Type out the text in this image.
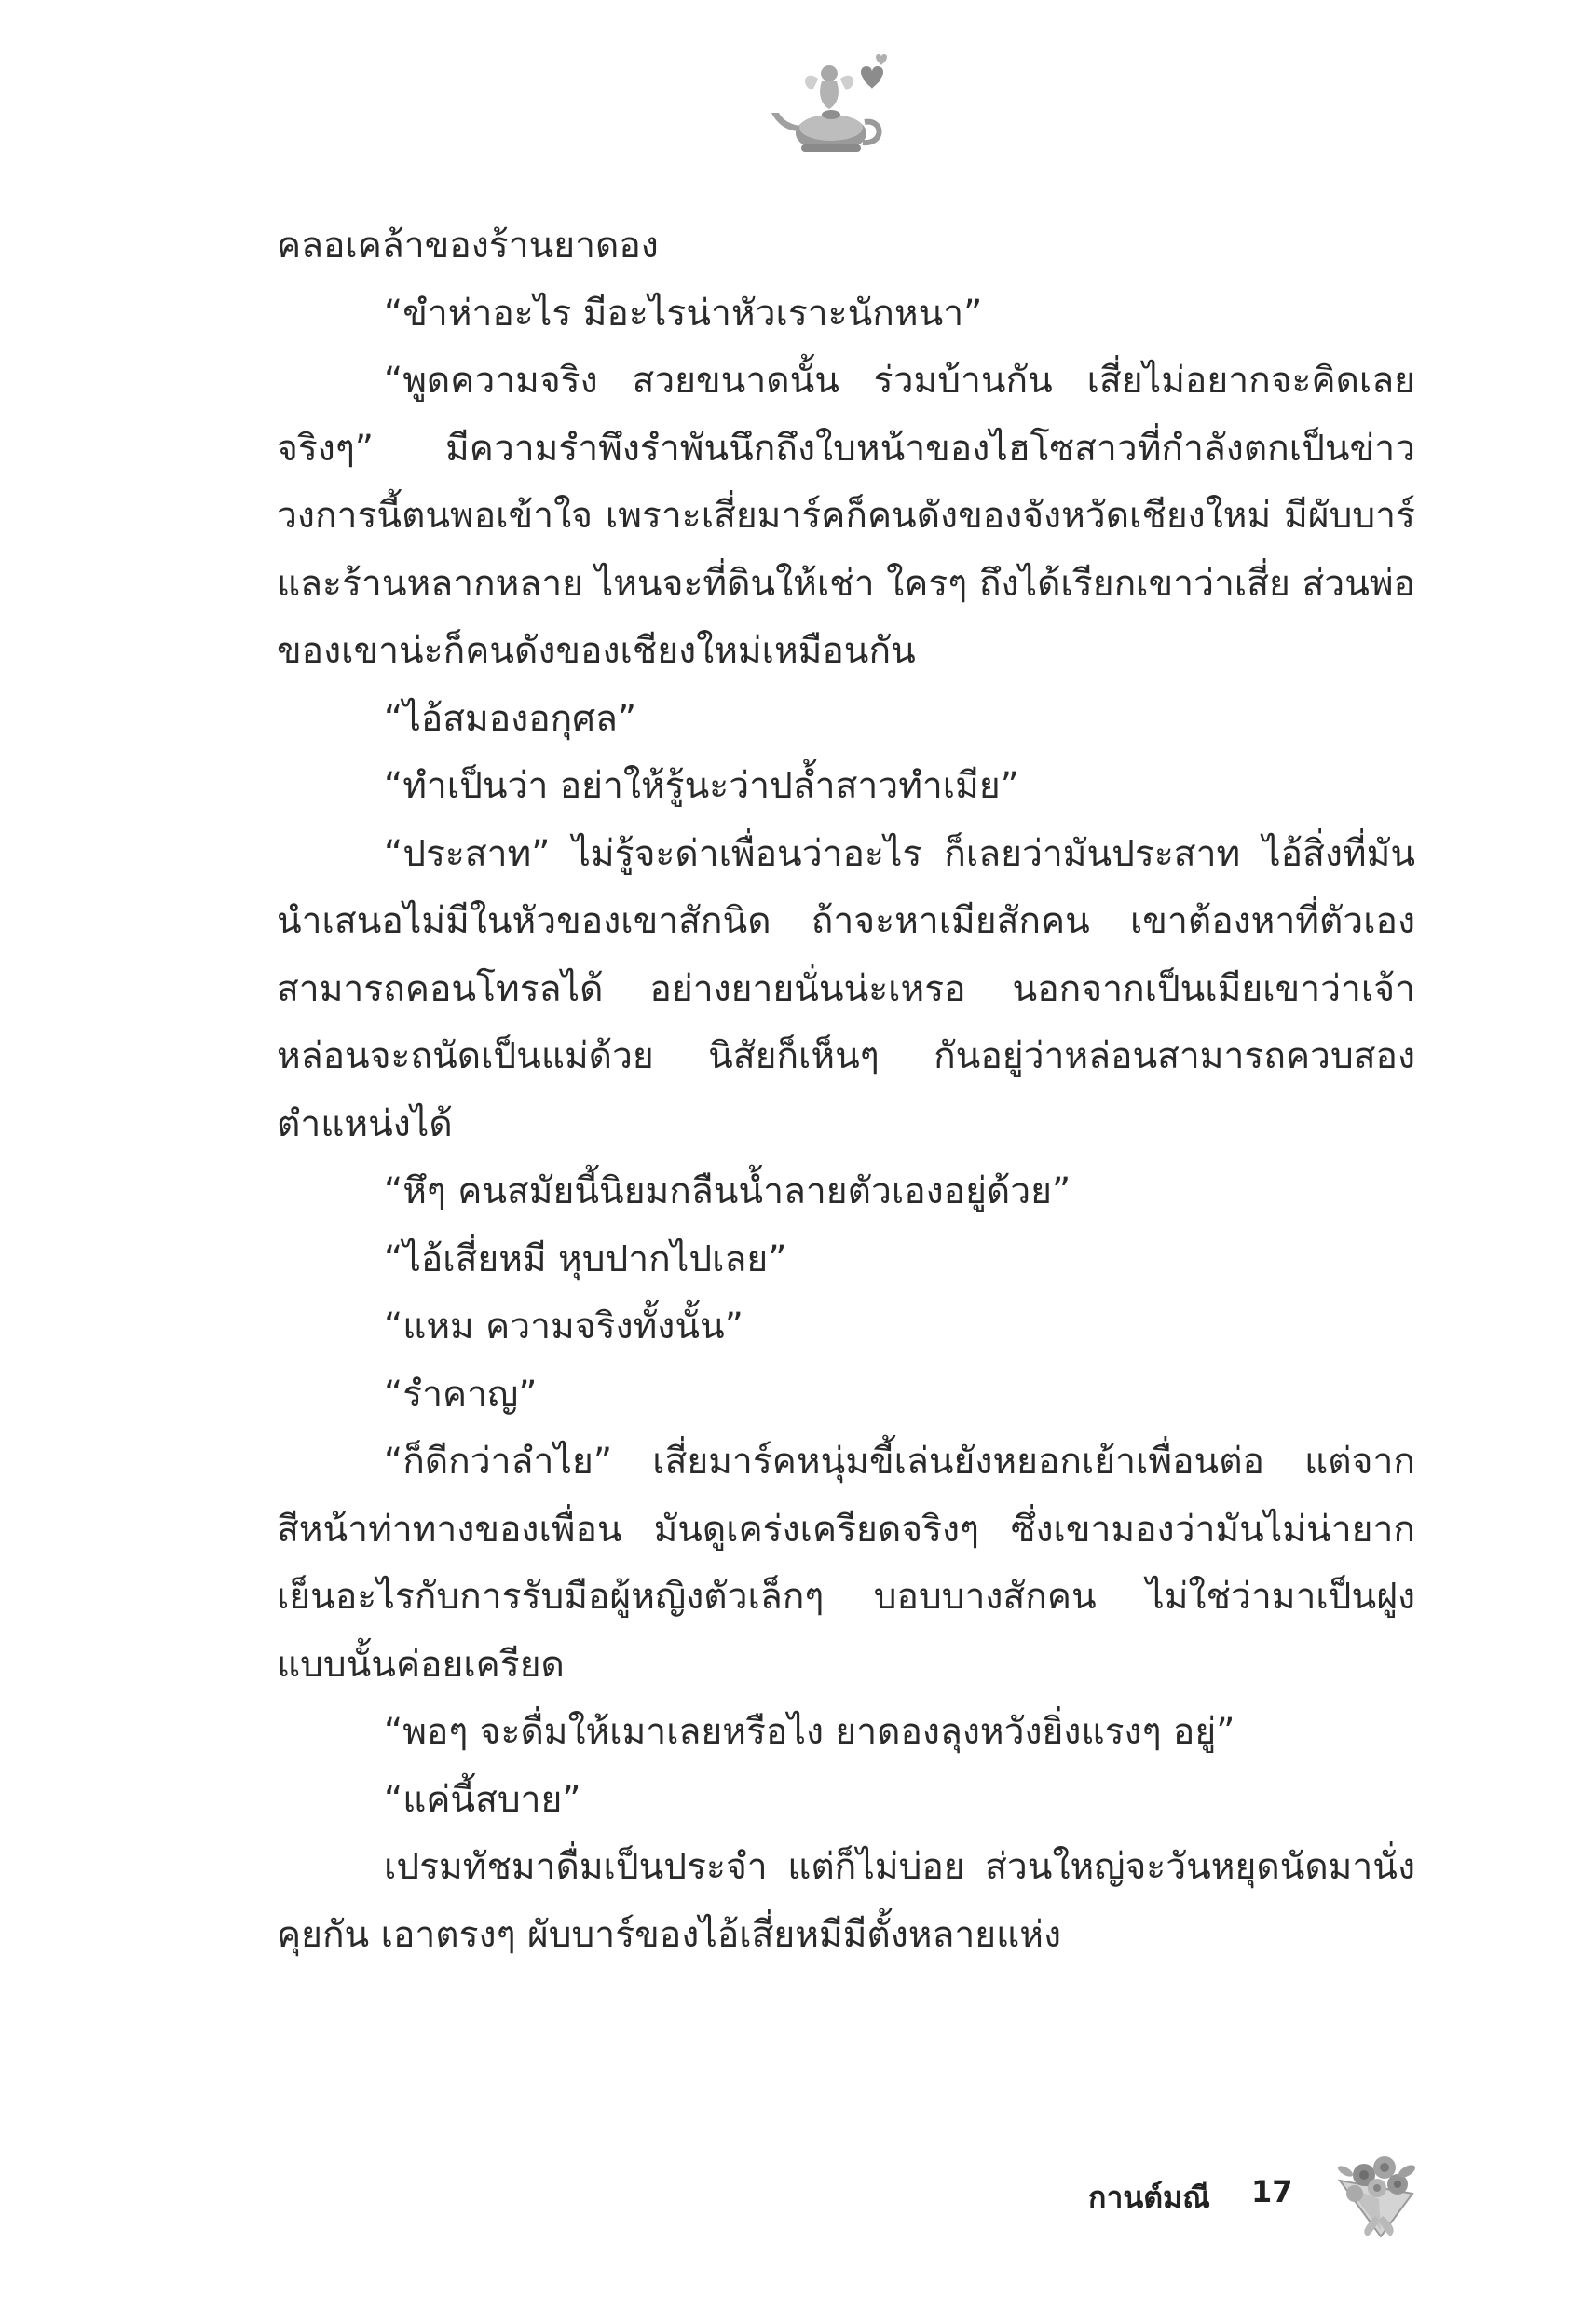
คลอเคล้าของร้านยาดอง

“ขำห่าอะไร มีอะไรน่าหัวเราะนักหนา”

“พูดความจริง สวยขนาดนั้น ร่วมบ้านกัน เสี่ยไม่อยากจะคิดเลยจริงๆ” มีความรำพึงรำพันนึกถึงใบหน้าของไฮโซสาวที่กำลังตกเป็นข่าววงการนี้ตนพอเข้าใจ เพราะเสี่ยมาร์คก็คนดังของจังหวัดเชียงใหม่ มีผับบาร์และร้านหลากหลาย ไหนจะที่ดินให้เช่า ใครๆ ถึงได้เรียกเขาว่าเสี่ย ส่วนพ่อของเขาน่ะก็คนดังของเชียงใหม่เหมือนกัน

“ไอ้สมองอกุศล”

“ทำเป็นว่า อย่าให้รู้นะว่าปล้ำสาวทำเมีย”

“ประสาท” ไม่รู้จะด่าเพื่อนว่าอะไร ก็เลยว่ามันประสาท ไอ้สิ่งที่มันนำเสนอไม่มีในหัวของเขาสักนิด ถ้าจะหาเมียสักคน เขาต้องหาที่ตัวเองสามารถคอนโทรลได้ อย่างยายนั่นน่ะเหรอ นอกจากเป็นเมียเขาว่าเจ้าหล่อนจะถนัดเป็นแม่ด้วย นิสัยก็เห็นๆ กันอยู่ว่าหล่อนสามารถควบสองตำแหน่งได้

“หึๆ คนสมัยนี้นิยมกลืนน้ำลายตัวเองอยู่ด้วย”

“ไอ้เสี่ยหมี หุบปากไปเลย”

“แหม ความจริงทั้งนั้น”

“รำคาญ”

“ก็ดีกว่าลำไย” เสี่ยมาร์คหนุ่มขี้เล่นยังหยอกเย้าเพื่อนต่อ แต่จากสีหน้าท่าทางของเพื่อน มันดูเคร่งเครียดจริงๆ ซึ่งเขามองว่ามันไม่น่ายากเย็นอะไรกับการรับมือผู้หญิงตัวเล็กๆ บอบบางสักคน ไม่ใช่ว่ามาเป็นฝูง แบบนั้นค่อยเครียด

“พอๆ จะดื่มให้เมาเลยหรือไง ยาดองลุงหวังยิ่งแรงๆ อยู่”

“แค่นี้สบาย”

เปรมทัชมาดื่มเป็นประจำ แต่ก็ไม่บ่อย ส่วนใหญ่จะวันหยุดนัดมานั่งคุยกัน เอาตรงๆ ผับบาร์ของไอ้เสี่ยหมีมีตั้งหลายแห่ง

กานต์มณี 17
